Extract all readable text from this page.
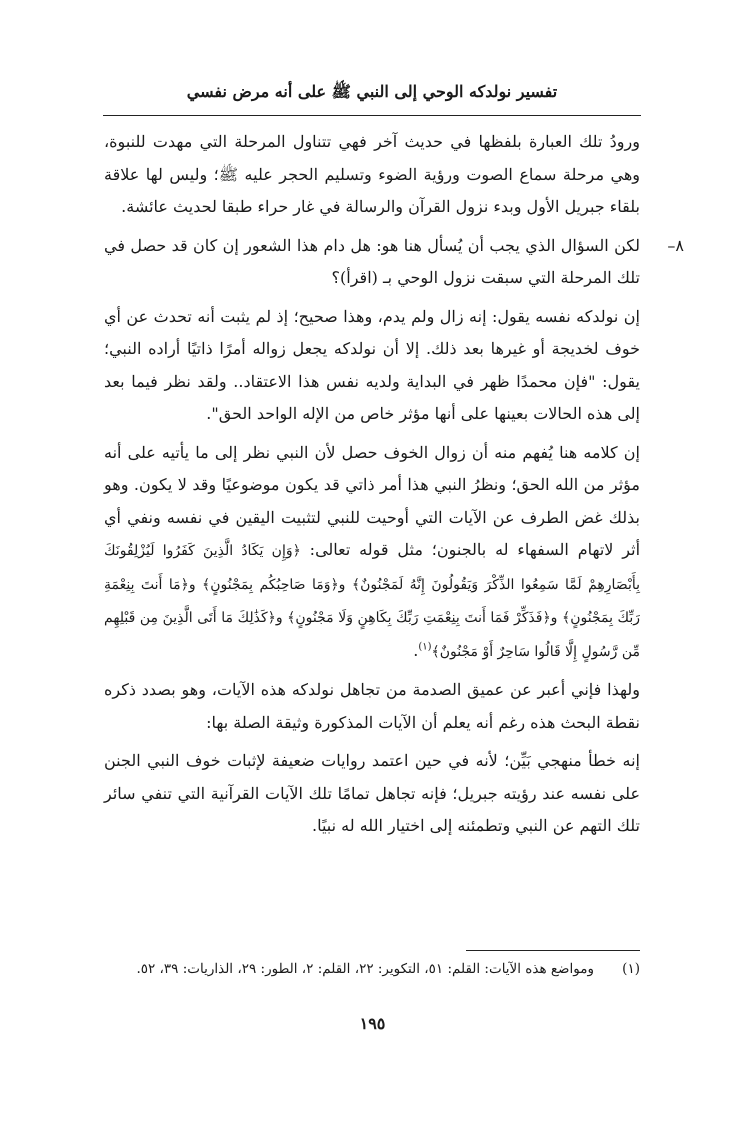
تفسير نولدكه الوحي إلى النبي ﷺ على أنه مرض نفسي

ورودُ تلك العبارة بلفظها في حديث آخر فهي تتناول المرحلة التي مهدت للنبوة، وهي مرحلة سماع الصوت ورؤية الضوء وتسليم الحجر عليه ﷺ؛ وليس لها علاقة بلقاء جبريل الأول وبدء نزول القرآن والرسالة في غار حراء طبقا لحديث عائشة.

٨–
لكن السؤال الذي يجب أن يُسأل هنا هو: هل دام هذا الشعور إن كان قد حصل في تلك المرحلة التي سبقت نزول الوحي بـ (اقرأ)؟

إن نولدكه نفسه يقول: إنه زال ولم يدم، وهذا صحيح؛ إذ لم يثبت أنه تحدث عن أي خوف لخديجة أو غيرها بعد ذلك. إلا أن نولدكه يجعل زواله أمرًا ذاتيًا أراده النبي؛ يقول: "فإن محمدًا ظهر في البداية ولديه نفس هذا الاعتقاد.. ولقد نظر فيما بعد إلى هذه الحالات بعينها على أنها مؤثر خاص من الإله الواحد الحق".

إن كلامه هنا يُفهم منه أن زوال الخوف حصل لأن النبي نظر إلى ما يأتيه على أنه مؤثر من الله الحق؛ ونظرُ النبي هذا أمر ذاتي قد يكون موضوعيًا وقد لا يكون. وهو بذلك غض الطرف عن الآيات التي أوحيت للنبي لتثبيت اليقين في نفسه ونفي أي أثر لاتهام السفهاء له بالجنون؛ مثل قوله تعالى: ﴿وَإِن يَكَادُ الَّذِينَ كَفَرُوا لَيُزْلِقُونَكَ بِأَبْصَارِهِمْ لَمَّا سَمِعُوا الذِّكْرَ وَيَقُولُونَ إِنَّهُ لَمَجْنُونٌ﴾ و﴿وَمَا صَاحِبُكُم بِمَجْنُونٍ﴾ و﴿مَا أَنتَ بِنِعْمَةِ رَبِّكَ بِمَجْنُونٍ﴾ و﴿فَذَكِّرْ فَمَا أَنتَ بِنِعْمَتِ رَبِّكَ بِكَاهِنٍ وَلَا مَجْنُونٍ﴾ و﴿كَذَٰلِكَ مَا أَتَى الَّذِينَ مِن قَبْلِهِم مِّن رَّسُولٍ إِلَّا قَالُوا سَاحِرٌ أَوْ مَجْنُونٌ﴾$^{(١)}$.

ولهذا فإني أعبر عن عميق الصدمة من تجاهل نولدكه هذه الآيات، وهو بصدد ذكره نقطة البحث هذه رغم أنه يعلم أن الآيات المذكورة وثيقة الصلة بها:

إنه خطأ منهجي بَيِّن؛ لأنه في حين اعتمد روايات ضعيفة لإثبات خوف النبي الجنن على نفسه عند رؤيته جبريل؛ فإنه تجاهل تمامًا تلك الآيات القرآنية التي تنفي سائر تلك التهم عن النبي وتطمئنه إلى اختيار الله له نبيًا.

(١)ومواضع هذه الآيات: القلم: ٥١، التكوير: ٢٢، القلم: ٢، الطور: ٢٩، الذاريات: ٣٩، ٥٢.
١٩٥
